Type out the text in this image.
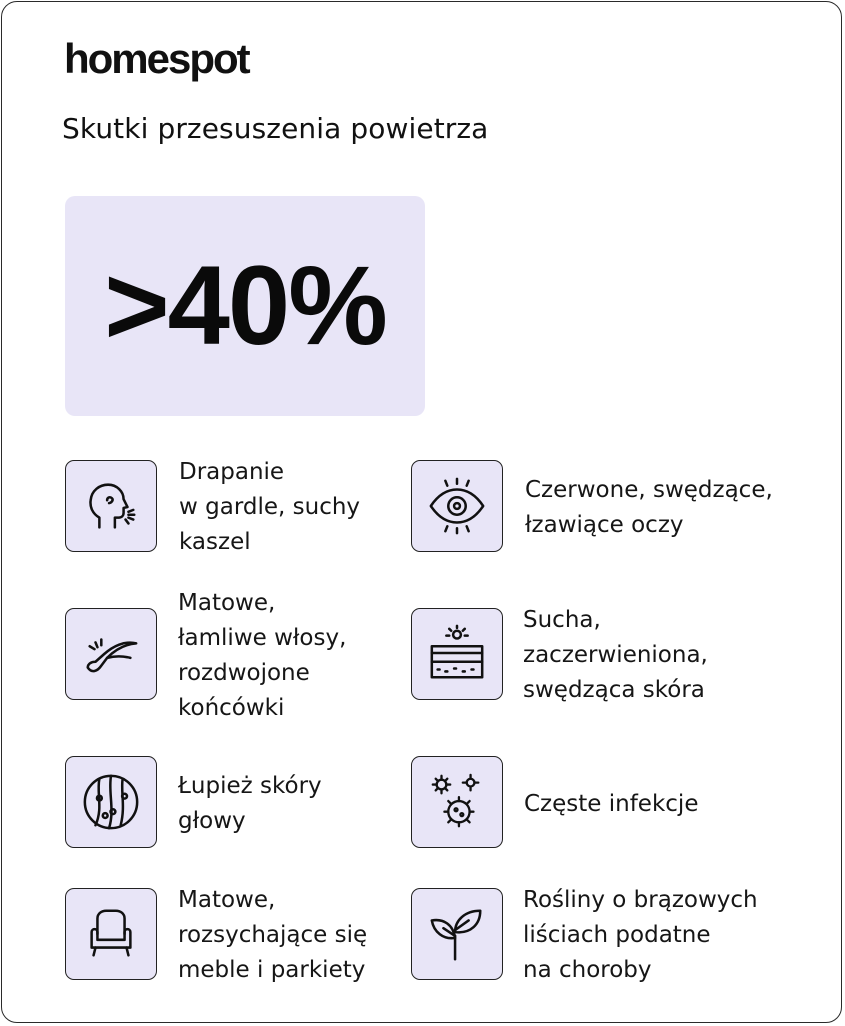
homespot
Skutki przesuszenia powietrza
>40%
Drapanie
w gardle, suchy
kaszel
Czerwone, swędzące,
łzawiące oczy
Matowe,
łamliwe włosy,
rozdwojone
końcówki
Sucha,
zaczerwieniona,
swędząca skóra
Łupież skóry
głowy
Częste infekcje
Matowe,
rozsychające się
meble i parkiety
Rośliny o brązowych
liściach podatne
na choroby
